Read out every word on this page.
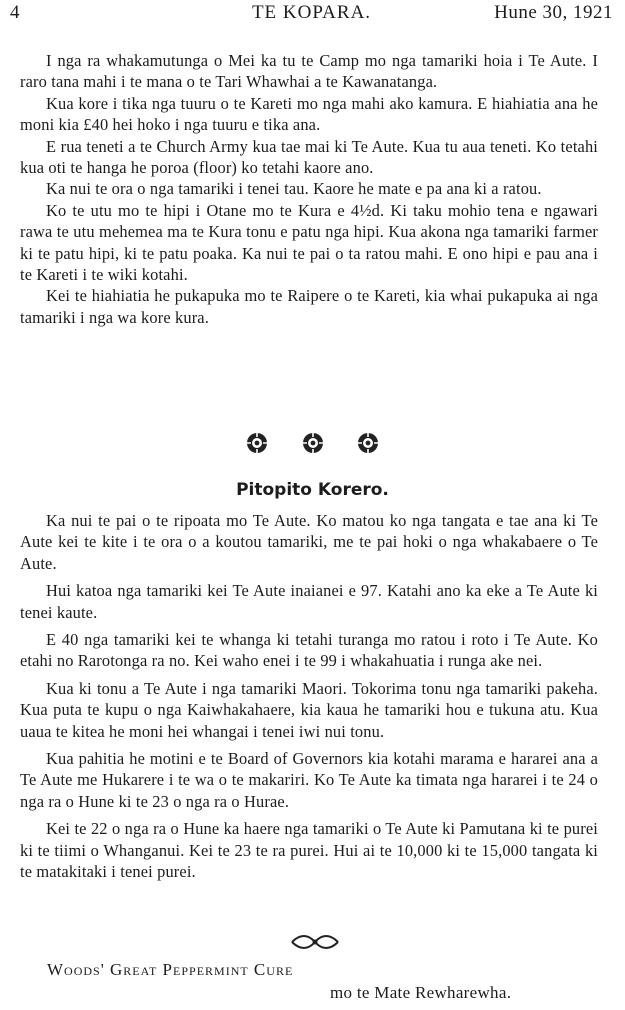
4	TE KOPARA.	Hune 30, 1921

I nga ra whakamutunga o Mei ka tu te Camp mo nga tamariki hoia i Te Aute. I raro tana mahi i te mana o te Tari Whawhai a te Kawanatanga.

Kua kore i tika nga tuuru o te Kareti mo nga mahi ako kamura. E hiahiatia ana he moni kia £40 hei hoko i nga tuuru e tika ana.

E rua teneti a te Church Army kua tae mai ki Te Aute. Kua tu aua teneti. Ko tetahi kua oti te hanga he poroa (floor) ko tetahi kaore ano.

Ka nui te ora o nga tamariki i tenei tau. Kaore he mate e pa ana ki a ratou.

Ko te utu mo te hipi i Otane mo te Kura e 4½d. Ki taku mohio tena e ngawari rawa te utu mehemea ma te Kura tonu e patu nga hipi. Kua akona nga tamariki farmer ki te patu hipi, ki te patu poaka. Ka nui te pai o ta ratou mahi. E ono hipi e pau ana i te Kareti i te wiki kotahi.

Kei te hiahiatia he pukapuka mo te Raipere o te Kareti, kia whai pukapuka ai nga tamariki i nga wa kore kura.

Pitopito Korero.

Ka nui te pai o te ripoata mo Te Aute. Ko matou ko nga tangata e tae ana ki Te Aute kei te kite i te ora o a koutou tamariki, me te pai hoki o nga whakabaere o Te Aute.

Hui katoa nga tamariki kei Te Aute inaianei e 97. Katahi ano ka eke a Te Aute ki tenei kaute.

E 40 nga tamariki kei te whanga ki tetahi turanga mo ratou i roto i Te Aute. Ko etahi no Rarotonga ra no. Kei waho enei i te 99 i whakahuatia i runga ake nei.

Kua ki tonu a Te Aute i nga tamariki Maori. Tokorima tonu nga tamariki pakeha. Kua puta te kupu o nga Kaiwhakahaere, kia kaua he tamariki hou e tukuna atu. Kua uaua te kitea he moni hei whangai i tenei iwi nui tonu.

Kua pahitia he motini e te Board of Governors kia kotahi marama e hararei ana a Te Aute me Hukarere i te wa o te makariri. Ko Te Aute ka timata nga hararei i te 24 o nga ra o Hune ki te 23 o nga ra o Hurae.

Kei te 22 o nga ra o Hune ka haere nga tamariki o Te Aute ki Pamutana ki te purei ki te tiimi o Whanganui. Kei te 23 te ra purei. Hui ai te 10,000 ki te 15,000 tangata ki te matakitaki i tenei purei.

Woods' Great Peppermint Cure
mo te Mate Rewharewha.
